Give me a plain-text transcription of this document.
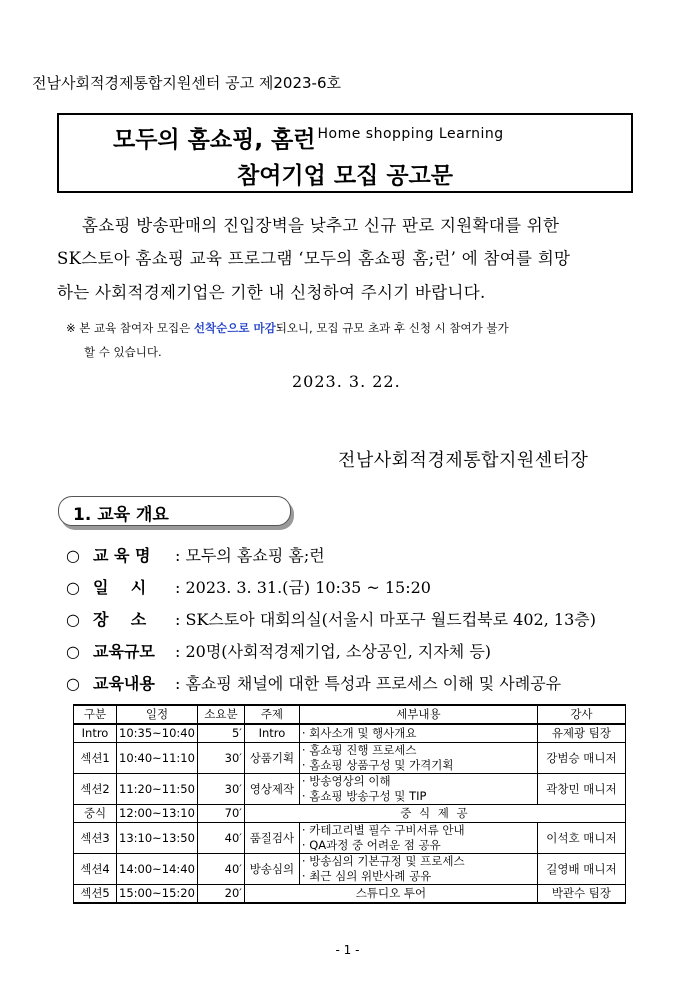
전남사회적경제통합지원센터 공고 제2023-6호
모두의 홈쇼핑, 홈런 $^{Home shopping Learning}$
참여기업 모집 공고문
홈쇼핑 방송판매의 진입장벽을 낮추고 신규 판로 지원확대를 위한
SK스토아 홈쇼핑 교육 프로그램 ‘모두의 홈쇼핑 홈;런’ 에 참여를 희망
하는 사회적경제기업은 기한 내 신청하여 주시기 바랍니다.
※ 본 교육 참여자 모집은 선착순으로 마감되오니, 모집 규모 초과 후 신청 시 참여가 불가
할 수 있습니다.
2023. 3. 22.
전남사회적경제통합지원센터장
1. 교육 개요
○ 교 육 명 : 모두의 홈쇼핑 홈;런
○ 일    시 : 2023. 3. 31.(금) 10:35 ~ 15:20
○ 장    소 : SK스토아 대회의실(서울시 마포구 월드컵북로 402, 13층)
○ 교육규모 : 20명(사회적경제기업, 소상공인, 지자체 등)
○ 교육내용 : 홈쇼핑 채널에 대한 특성과 프로세스 이해 및 사례공유
구분	일정	소요분	주제	세부내용	강사
Intro	10:35~10:40	5′	Intro	· 회사소개 및 행사개요	유제광 팀장
섹션1	10:40~11:10	30′	상품기획	· 홈쇼핑 진행 프로세스
· 홈쇼핑 상품구성 및 가격기획	강범승 매니저
섹션2	11:20~11:50	30′	영상제작	· 방송영상의 이해
· 홈쇼핑 방송구성 및 TIP	곽창민 매니저
중식	12:00~13:10	70′	중 식 제 공		
섹션3	13:10~13:50	40′	품질검사	· 카테고리별 필수 구비서류 안내
· QA과정 중 어려운 점 공유	이석호 매니저
섹션4	14:00~14:40	40′	방송심의	· 방송심의 기본규정 및 프로세스
· 최근 심의 위반사례 공유	길영배 매니저
섹션5	15:00~15:20	20′	스튜디오 투어		박관수 팀장
- 1 -
